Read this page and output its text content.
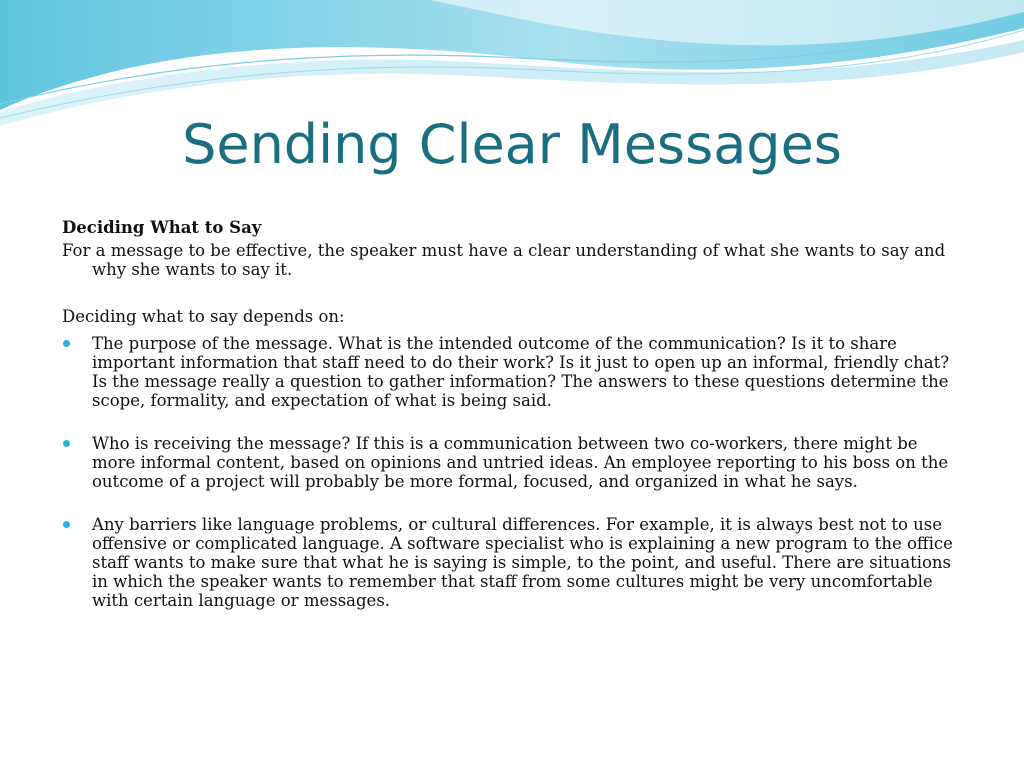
Sending Clear Messages

Deciding What to Say

For a message to be effective, the speaker must have a clear understanding of what she wants to say and why she wants to say it.

Deciding what to say depends on:

The purpose of the message. What is the intended outcome of the communication? Is it to share important information that staff need to do their work? Is it just to open up an informal, friendly chat? Is the message really a question to gather information? The answers to these questions determine the scope, formality, and expectation of what is being said.
Who is receiving the message? If this is a communication between two co-workers, there might be more informal content, based on opinions and untried ideas. An employee reporting to his boss on the outcome of a project will probably be more formal, focused, and organized in what he says.
Any barriers like language problems, or cultural differences. For example, it is always best not to use offensive or complicated language. A software specialist who is explaining a new program to the office staff wants to make sure that what he is saying is simple, to the point, and useful. There are situations in which the speaker wants to remember that staff from some cultures might be very uncomfortable with certain language or messages.
